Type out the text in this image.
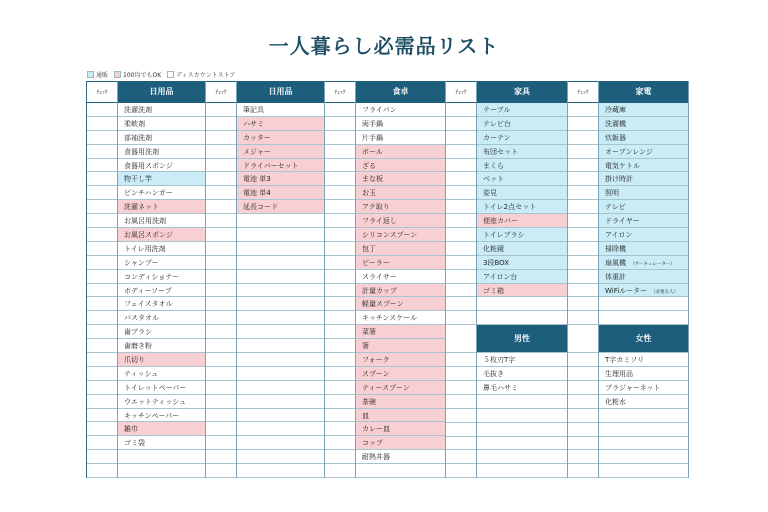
一人暮らし必需品リスト
通販	100均でもOK	ディスカウントストア
ﾁｪｯｸ	日用品
洗濯洗剤
柔軟剤
部袖洗剤
食器用洗剤
食器用スポンジ
物干し竿
ピンチハンガー
洗濯ネット
お風呂用洗剤
お風呂スポンジ
トイレ用洗剤
シャンプー
コンディショナー
ボディーソープ
フェイスタオル
バスタオル
歯ブラシ
歯磨き粉
爪切り
ティッシュ
トイレットペーパー
ウエットティッシュ
キッチンペーパー
雑巾
ゴミ袋
ﾁｪｯｸ	日用品
筆記具
ハサミ
カッター
メジャー
ドライバーセット
電池 単3
電池 単4
延長コード
ﾁｪｯｸ	食卓
フライパン
両手鍋
片手鍋
ボール
ざる
まな板
お玉
アク取り
フライ返し
シリコンスプーン
包丁
ピーラー
スライサー
計量カップ
軽量スプーン
キッチンスケール
菜箸
箸
フォーク
スプーン
ティースプーン
茶碗
皿
カレー皿
コップ
耐熱丼器
ﾁｪｯｸ	家具
テーブル
テレビ台
カーテン
布団セット
まくら
ベット
姿見
トイレ2点セット
便座カバー
トイレブラシ
化粧鏡
3段BOX
アイロン台
ゴミ箱
男性
５枚刃T字
毛抜き
鼻毛ハサミ
ﾁｪｯｸ	家電
冷蔵庫
洗濯機
炊飯器
オーブンレンジ
電気ケトル
掛け時計
照明
テレビ
ドライヤー
アイロン
掃除機
扇風機 （サーキュレーター）
体重計
WiFiルーター （必要な人）
女性
T字カミソリ
生理用品
ブラジャーネット
化粧水
